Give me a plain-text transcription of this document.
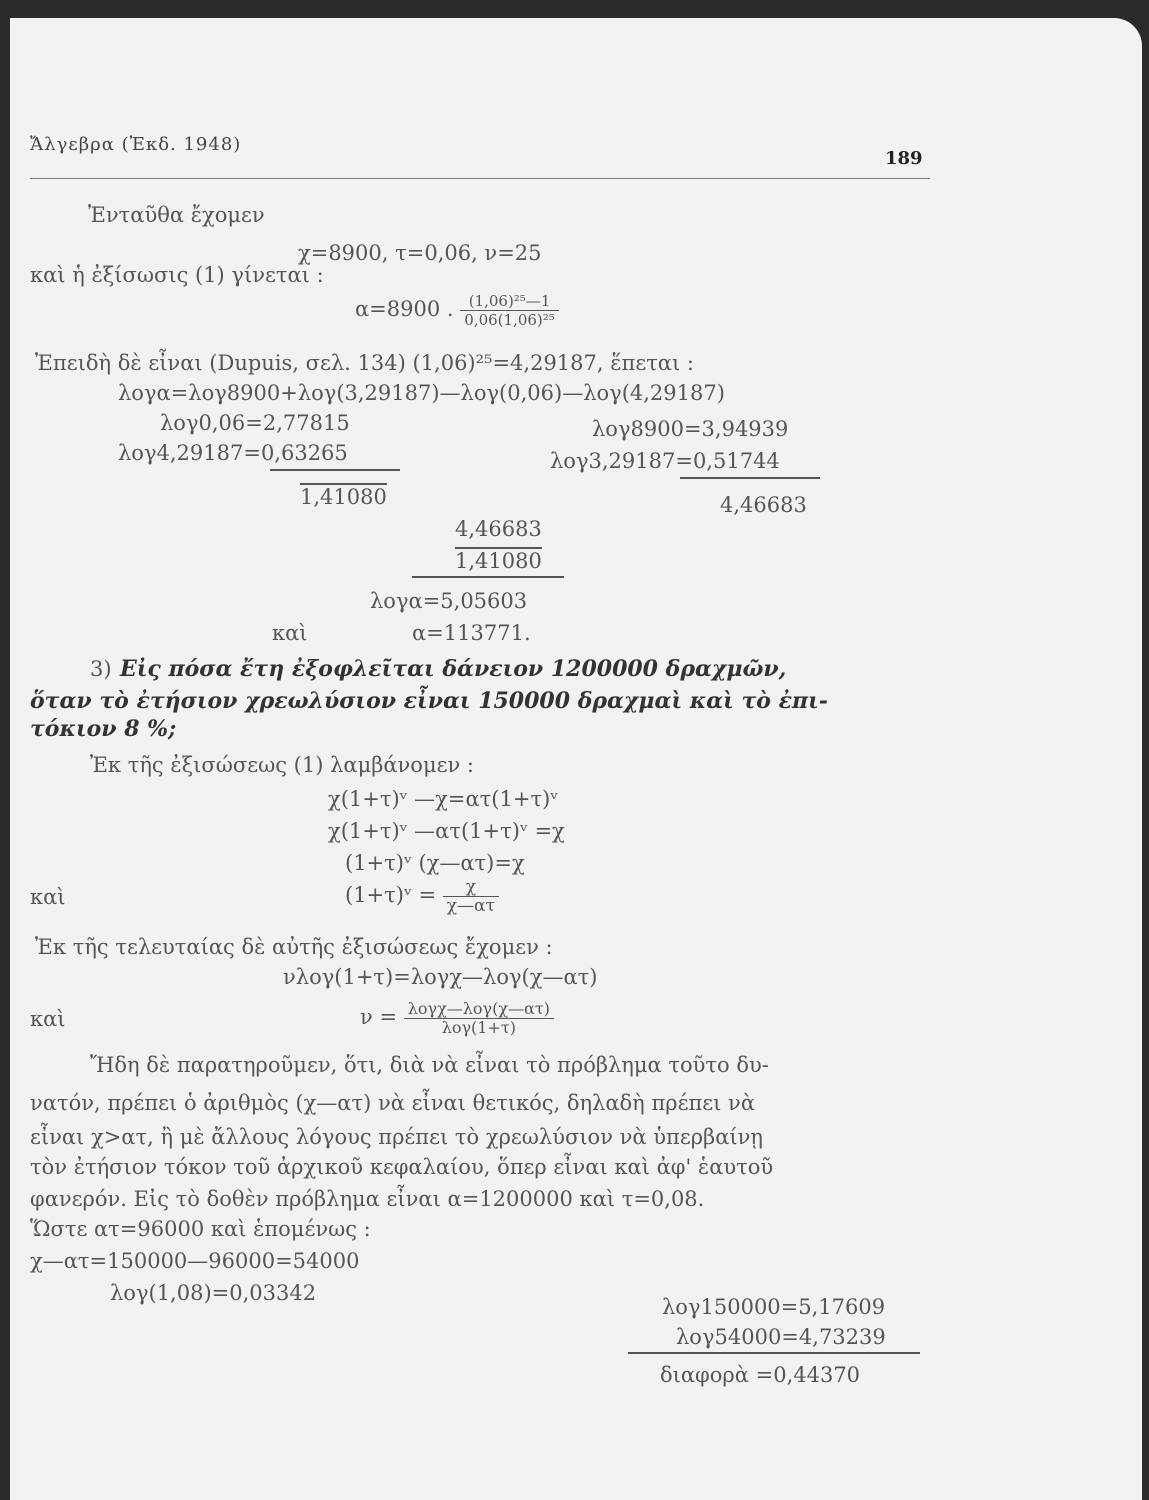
Ἄλγεβρα (Ἐκδ. 1948)
189
Ἐνταῦθα ἔχομεν
χ=8900, τ=0,06, ν=25
καὶ ἡ ἐξίσωσις (1) γίνεται :
α=8900 . $\frac{\text{(1,06)²⁵—1}}{\text{0,06(1,06)²⁵}}$
Ἐπειδὴ δὲ εἶναι (Dupuis, σελ. 134) (1,06)²⁵=4,29187, ἕπεται :
λογα=λογ8900+λογ(3,29187)—λογ(0,06)—λογ(4,29187)
λογ0,06=2,77815	λογ8900=3,94939
λογ4,29187=0,63265	λογ3,29187=0,51744
1,41080	4,46683
4,46683
1,41080
λογα=5,05603
καὶ	α=113771.
3) Εἰς πόσα ἔτη ἐξοφλεῖται δάνειον 1200000 δραχμῶν,
ὅταν τὸ ἐτήσιον χρεωλύσιον εἶναι 150000 δραχμαὶ καὶ τὸ ἐπι-
τόκιον 8 %;
Ἐκ τῆς ἐξισώσεως (1) λαμβάνομεν :
χ(1+τ)ᵛ —χ=ατ(1+τ)ᵛ
χ(1+τ)ᵛ —ατ(1+τ)ᵛ =χ
(1+τ)ᵛ (χ—ατ)=χ
καὶ	(1+τ)ᵛ = $\frac{\chi}{\chi—\alpha\tau}$
Ἐκ τῆς τελευταίας δὲ αὐτῆς ἐξισώσεως ἔχομεν :
νλογ(1+τ)=λογχ—λογ(χ—ατ)
καὶ	$\nu = \frac{\text{λογχ—λογ(χ—ατ)}}{\text{λογ(1+τ)}}$
Ἤδη δὲ παρατηροῦμεν, ὅτι, διὰ νὰ εἶναι τὸ πρόβλημα τοῦτο δυ-
νατόν, πρέπει ὁ ἀριθμὸς (χ—ατ) νὰ εἶναι θετικός, δηλαδὴ πρέπει νὰ
εἶναι χ>ατ, ἢ μὲ ἄλλους λόγους πρέπει τὸ χρεωλύσιον νὰ ὑπερβαίνῃ
τὸν ἐτήσιον τόκον τοῦ ἀρχικοῦ κεφαλαίου, ὅπερ εἶναι καὶ ἀφ' ἑαυτοῦ
φανερόν. Εἰς τὸ δοθὲν πρόβλημα εἶναι α=1200000 καὶ τ=0,08.
Ὥστε ατ=96000 καὶ ἑπομένως :
χ—ατ=150000—96000=54000
λογ(1,08)=0,03342
λογ150000=5,17609
λογ54000=4,73239
διαφορὰ =0,44370
